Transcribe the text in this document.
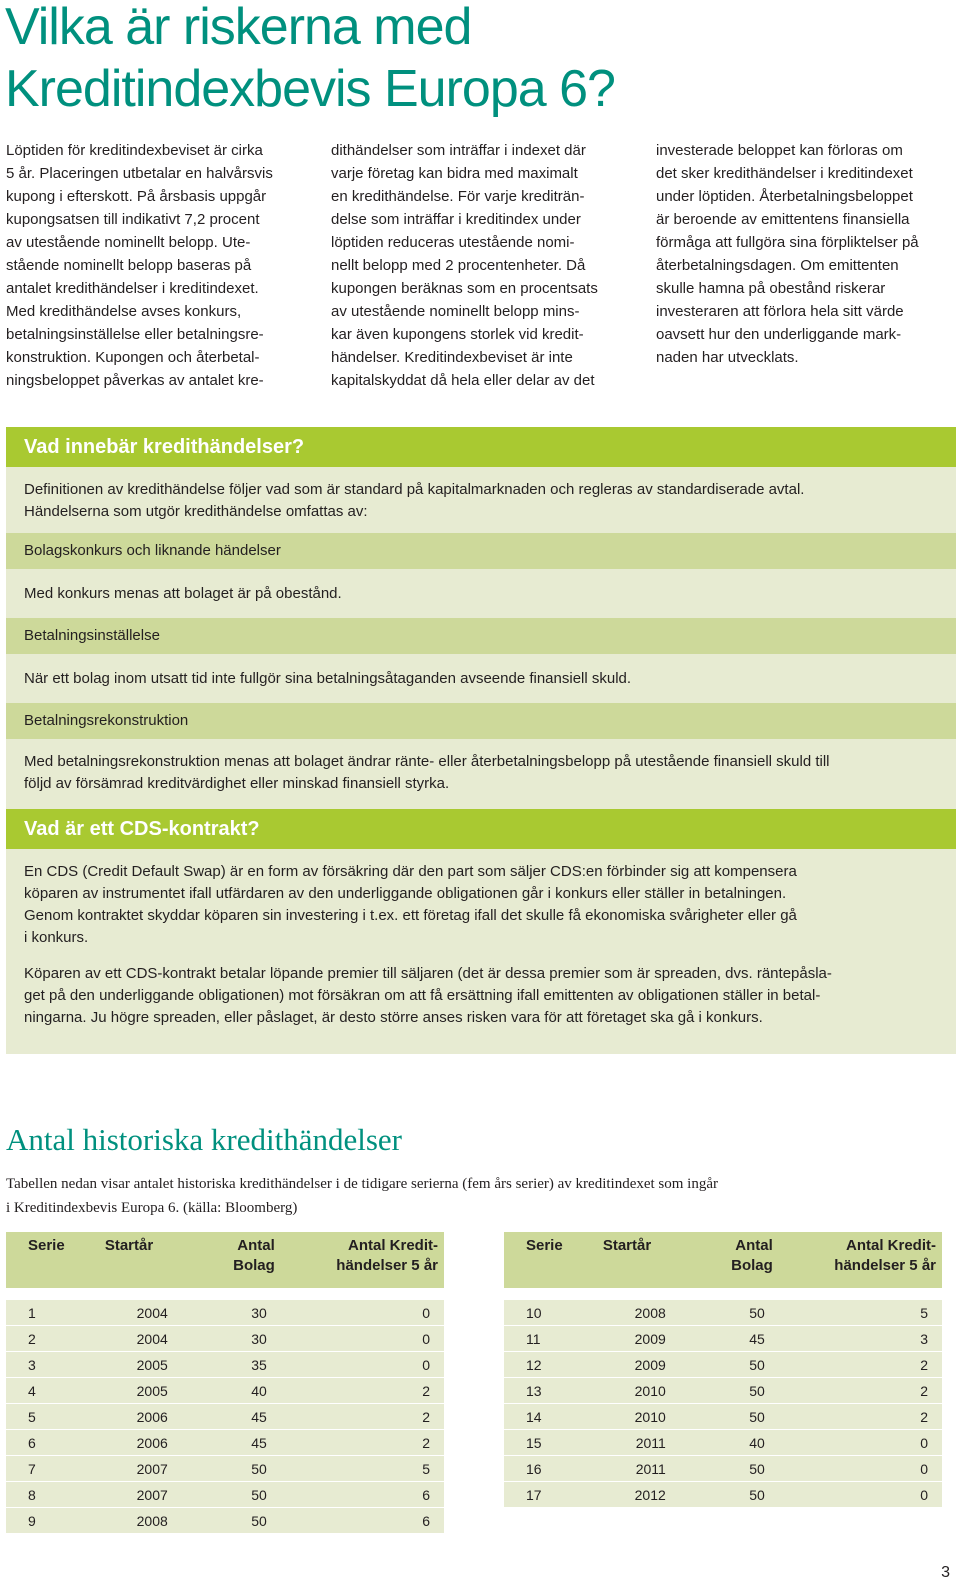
Vilka är riskerna med
Kreditindexbevis Europa 6?
Löptiden för kreditindexbeviset är cirka
5 år. Placeringen utbetalar en halvårsvis
kupong i efterskott. På årsbasis uppgår
kupongsatsen till indikativt 7,2 procent
av utestående nominellt belopp. Ute-
stående nominellt belopp baseras på
antalet kredithändelser i kreditindexet.
Med kredithändelse avses konkurs,
betalningsinställelse eller betalningsre-
konstruktion. Kupongen och återbetal-
ningsbeloppet påverkas av antalet kre-
dithändelser som inträffar i indexet där
varje företag kan bidra med maximalt
en kredithändelse. För varje krediträn-
delse som inträffar i kreditindex under
löptiden reduceras utestående nomi-
nellt belopp med 2 procentenheter. Då
kupongen beräknas som en procentsats
av utestående nominellt belopp mins-
kar även kupongens storlek vid kredit-
händelser. Kreditindexbeviset är inte
kapitalskyddat då hela eller delar av det
investerade beloppet kan förloras om
det sker kredithändelser i kreditindexet
under löptiden. Återbetalningsbeloppet
är beroende av emittentens finansiella
förmåga att fullgöra sina förpliktelser på
återbetalningsdagen. Om emittenten
skulle hamna på obestånd riskerar
investeraren att förlora hela sitt värde
oavsett hur den underliggande mark-
naden har utvecklats.
Vad innebär kredithändelser?
Definitionen av kredithändelse följer vad som är standard på kapitalmarknaden och regleras av standardiserade avtal.
Händelserna som utgör kredithändelse omfattas av:
Bolagskonkurs och liknande händelser

Med konkurs menas att bolaget är på obestånd.

Betalningsinställelse

När ett bolag inom utsatt tid inte fullgör sina betalningsåtaganden avseende finansiell skuld.

Betalningsrekonstruktion
Med betalningsrekonstruktion menas att bolaget ändrar ränte- eller återbetalningsbelopp på utestående finansiell skuld till
följd av försämrad kreditvärdighet eller minskad finansiell styrka.
Vad är ett CDS-kontrakt?
En CDS (Credit Default Swap) är en form av försäkring där den part som säljer CDS:en förbinder sig att kompensera
köparen av instrumentet ifall utfärdaren av den underliggande obligationen går i konkurs eller ställer in betalningen.
Genom kontraktet skyddar köparen sin investering i t.ex. ett företag ifall det skulle få ekonomiska svårigheter eller gå
i konkurs.
Köparen av ett CDS-kontrakt betalar löpande premier till säljaren (det är dessa premier som är spreaden, dvs. räntepåsla-
get på den underliggande obligationen) mot försäkran om att få ersättning ifall emittenten av obligationen ställer in betal-
ningarna. Ju högre spreaden, eller påslaget, är desto större anses risken vara för att företaget ska gå i konkurs.
Antal historiska kredithändelser
Tabellen nedan visar antalet historiska kredithändelser i de tidigare serierna (fem års serier) av kreditindexet som ingår
i Kreditindexbevis Europa 6. (källa: Bloomberg)
Serie	Startår	Antal
Bolag	Antal Kredit-
händelser 5 år

1	2004	30	0
2	2004	30	0
3	2005	35	0
4	2005	40	2
5	2006	45	2
6	2006	45	2
7	2007	50	5
8	2007	50	6
9	2008	50	6
Serie	Startår	Antal
Bolag	Antal Kredit-
händelser 5 år

10	2008	50	5
11	2009	45	3
12	2009	50	2
13	2010	50	2
14	2010	50	2
15	2011	40	0
16	2011	50	0
17	2012	50	0
3
